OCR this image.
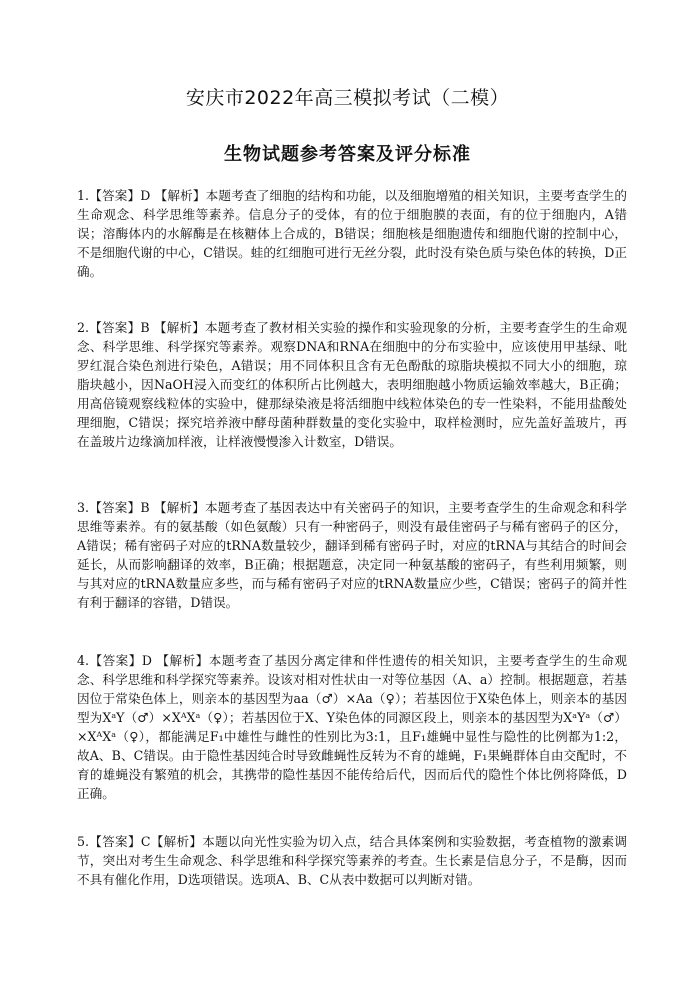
安庆市2022年高三模拟考试（二模）
生物试题参考答案及评分标准
1.【答案】D 【解析】本题考查了细胞的结构和功能，以及细胞增殖的相关知识，主要考查学生的生命观念、科学思维等素养。信息分子的受体，有的位于细胞膜的表面，有的位于细胞内，A错误；溶酶体内的水解酶是在核糖体上合成的，B错误；细胞核是细胞遗传和细胞代谢的控制中心，不是细胞代谢的中心，C错误。蛙的红细胞可进行无丝分裂，此时没有染色质与染色体的转换，D正确。
2.【答案】B 【解析】本题考查了教材相关实验的操作和实验现象的分析，主要考查学生的生命观念、科学思维、科学探究等素养。观察DNA和RNA在细胞中的分布实验中，应该使用甲基绿、吡罗红混合染色剂进行染色，A错误；用不同体积且含有无色酚酞的琼脂块模拟不同大小的细胞，琼脂块越小，因NaOH浸入而变红的体积所占比例越大，表明细胞越小物质运输效率越大，B正确；用高倍镜观察线粒体的实验中，健那绿染液是将活细胞中线粒体染色的专一性染料，不能用盐酸处理细胞，C错误；探究培养液中酵母菌种群数量的变化实验中，取样检测时，应先盖好盖玻片，再在盖玻片边缘滴加样液，让样液慢慢渗入计数室，D错误。
3.【答案】B 【解析】本题考查了基因表达中有关密码子的知识，主要考查学生的生命观念和科学思维等素养。有的氨基酸（如色氨酸）只有一种密码子，则没有最佳密码子与稀有密码子的区分，A错误；稀有密码子对应的tRNA数量较少，翻译到稀有密码子时，对应的tRNA与其结合的时间会延长，从而影响翻译的效率，B正确；根据题意，决定同一种氨基酸的密码子，有些利用频繁，则与其对应的tRNA数量应多些，而与稀有密码子对应的tRNA数量应少些，C错误；密码子的简并性有利于翻译的容错，D错误。
4.【答案】D 【解析】本题考查了基因分离定律和伴性遗传的相关知识，主要考查学生的生命观念、科学思维和科学探究等素养。设该对相对性状由一对等位基因（A、a）控制。根据题意，若基因位于常染色体上，则亲本的基因型为aa（♂）×Aa（♀）；若基因位于X染色体上，则亲本的基因型为XᵃY（♂）×XᴬXᵃ（♀）；若基因位于X、Y染色体的同源区段上，则亲本的基因型为XᵃYᵃ（♂）×XᴬXᵃ（♀），都能满足F₁中雄性与雌性的性别比为3:1，且F₁雄蝇中显性与隐性的比例都为1:2，故A、B、C错误。由于隐性基因纯合时导致雌蝇性反转为不育的雄蝇，F₁果蝇群体自由交配时，不育的雄蝇没有繁殖的机会，其携带的隐性基因不能传给后代，因而后代的隐性个体比例将降低，D正确。
5.【答案】C【解析】本题以向光性实验为切入点，结合具体案例和实验数据，考查植物的激素调节，突出对考生生命观念、科学思维和科学探究等素养的考查。生长素是信息分子，不是酶，因而不具有催化作用，D选项错误。选项A、B、C从表中数据可以判断对错。
